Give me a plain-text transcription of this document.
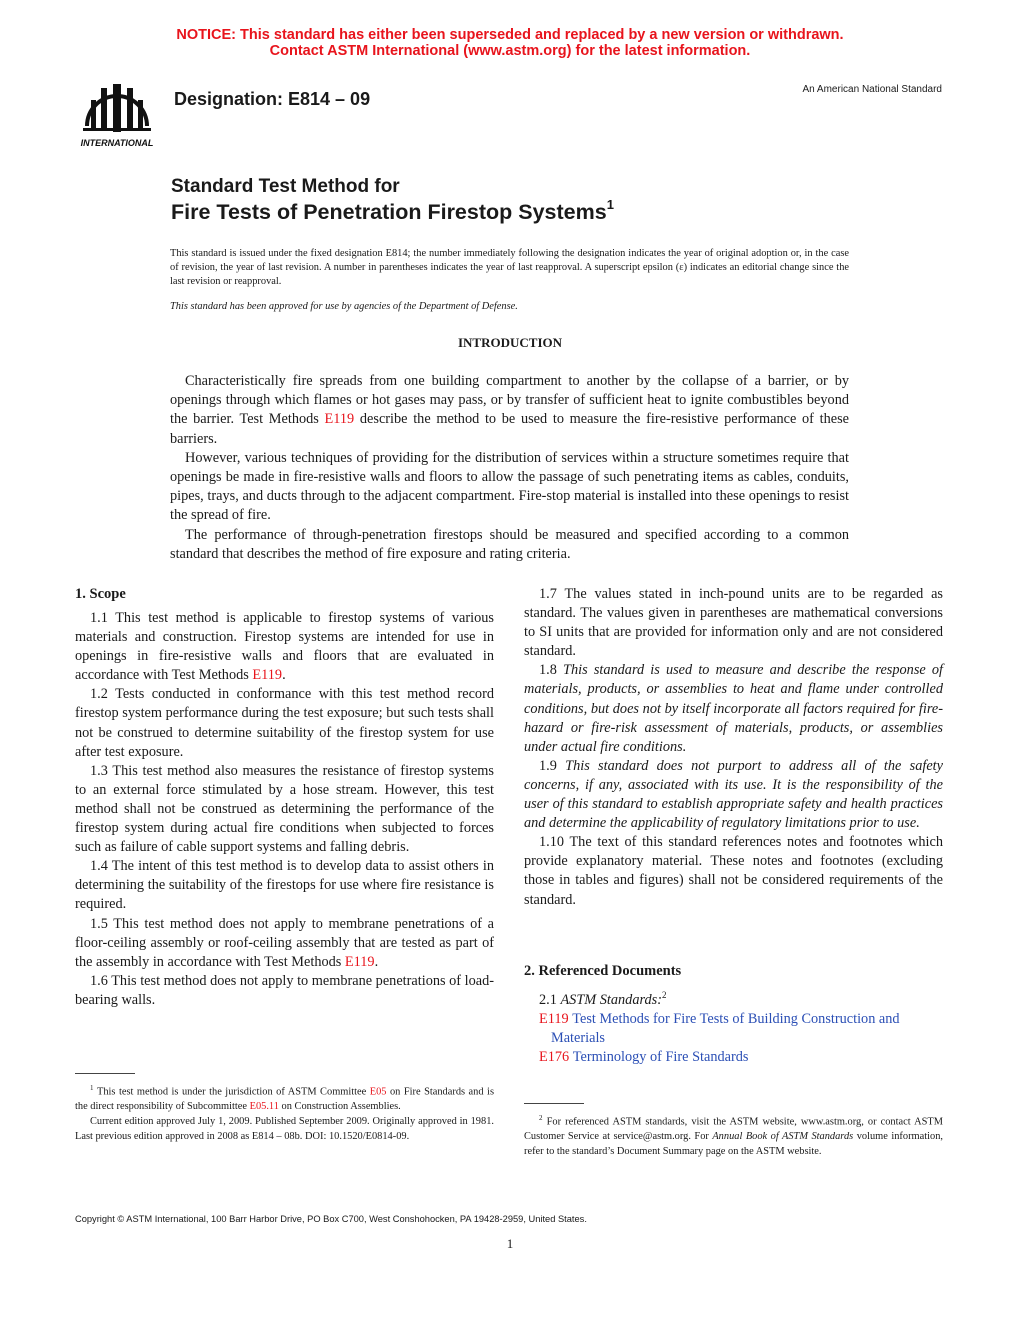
NOTICE: This standard has either been superseded and replaced by a new version or withdrawn.
Contact ASTM International (www.astm.org) for the latest information.
INTERNATIONAL
Designation: E814 – 09	An American National Standard
Standard Test Method for
Fire Tests of Penetration Firestop Systems$^1$
This standard is issued under the fixed designation E814; the number immediately following the designation indicates the year of original adoption or, in the case of revision, the year of last revision. A number in parentheses indicates the year of last reapproval. A superscript epsilon (ε) indicates an editorial change since the last revision or reapproval.
This standard has been approved for use by agencies of the Department of Defense.
INTRODUCTION

Characteristically fire spreads from one building compartment to another by the collapse of a barrier, or by openings through which flames or hot gases may pass, or by transfer of sufficient heat to ignite combustibles beyond the barrier. Test Methods E119 describe the method to be used to measure the fire-resistive performance of these barriers.

However, various techniques of providing for the distribution of services within a structure sometimes require that openings be made in fire-resistive walls and floors to allow the passage of such penetrating items as cables, conduits, pipes, trays, and ducts through to the adjacent compartment. Fire-stop material is installed into these openings to resist the spread of fire.

The performance of through-penetration firestops should be measured and specified according to a common standard that describes the method of fire exposure and rating criteria.

1. Scope

1.1 This test method is applicable to firestop systems of various materials and construction. Firestop systems are intended for use in openings in fire-resistive walls and floors that are evaluated in accordance with Test Methods E119.

1.2 Tests conducted in conformance with this test method record firestop system performance during the test exposure; but such tests shall not be construed to determine suitability of the firestop system for use after test exposure.

1.3 This test method also measures the resistance of firestop systems to an external force stimulated by a hose stream. However, this test method shall not be construed as determining the performance of the firestop system during actual fire conditions when subjected to forces such as failure of cable support systems and falling debris.

1.4 The intent of this test method is to develop data to assist others in determining the suitability of the firestops for use where fire resistance is required.

1.5 This test method does not apply to membrane penetrations of a floor-ceiling assembly or roof-ceiling assembly that are tested as part of the assembly in accordance with Test Methods E119.

1.6 This test method does not apply to membrane penetrations of load-bearing walls.

1.7 The values stated in inch-pound units are to be regarded as standard. The values given in parentheses are mathematical conversions to SI units that are provided for information only and are not considered standard.

1.8 This standard is used to measure and describe the response of materials, products, or assemblies to heat and flame under controlled conditions, but does not by itself incorporate all factors required for fire-hazard or fire-risk assessment of materials, products, or assemblies under actual fire conditions.

1.9 This standard does not purport to address all of the safety concerns, if any, associated with its use. It is the responsibility of the user of this standard to establish appropriate safety and health practices and determine the applicability of regulatory limitations prior to use.

1.10 The text of this standard references notes and footnotes which provide explanatory material. These notes and footnotes (excluding those in tables and figures) shall not be considered requirements of the standard.

2. Referenced Documents

2.1 ASTM Standards:$^2$

E119 Test Methods for Fire Tests of Building Construction and Materials

E176 Terminology of Fire Standards

$^1$ This test method is under the jurisdiction of ASTM Committee E05 on Fire Standards and is the direct responsibility of Subcommittee E05.11 on Construction Assemblies.

Current edition approved July 1, 2009. Published September 2009. Originally approved in 1981. Last previous edition approved in 2008 as E814 – 08b. DOI: 10.1520/E0814-09.

$^2$ For referenced ASTM standards, visit the ASTM website, www.astm.org, or contact ASTM Customer Service at service@astm.org. For Annual Book of ASTM Standards volume information, refer to the standard’s Document Summary page on the ASTM website.

Copyright © ASTM International, 100 Barr Harbor Drive, PO Box C700, West Conshohocken, PA 19428-2959, United States.
1
